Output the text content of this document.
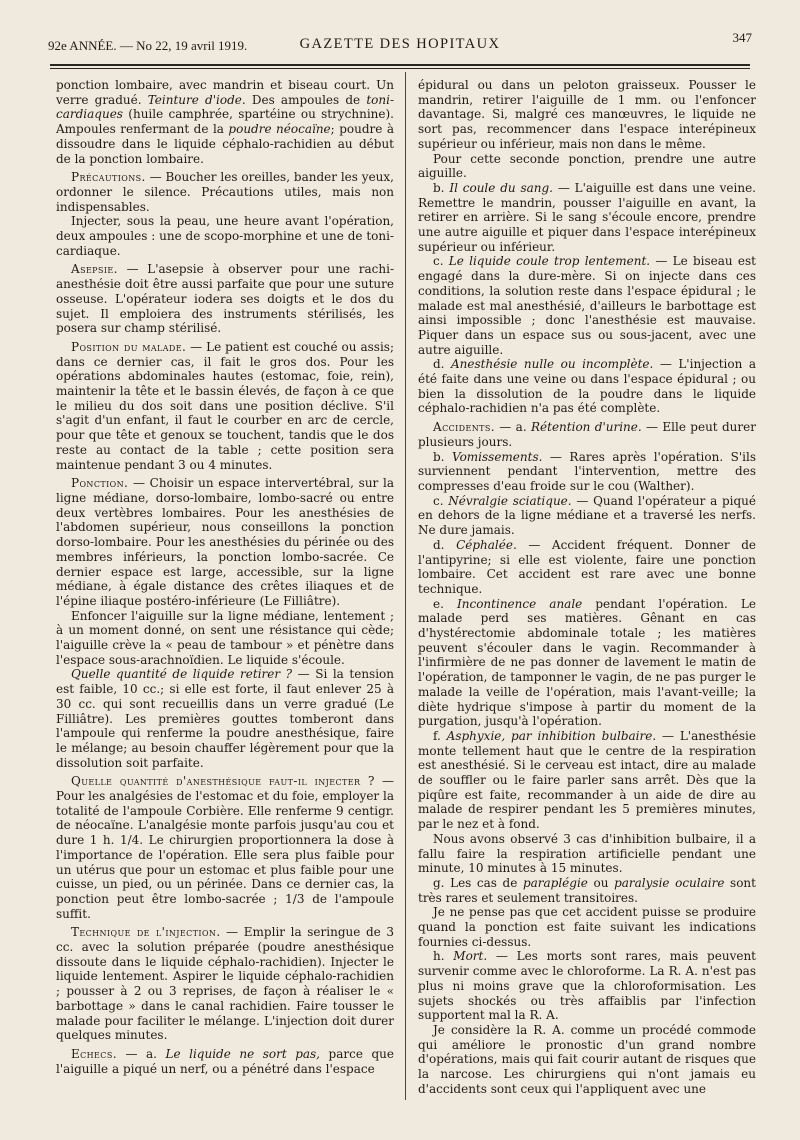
92e ANNÉE. — No 22, 19 avril 1919.	GAZETTE DES HOPITAUX	347

ponction lombaire, avec mandrin et biseau court. Un verre gradué. Teinture d'iode. Des ampoules de toni-cardiaques (huile camphrée, spartéine ou strychnine). Ampoules renfermant de la poudre néocaïne; poudre à dissoudre dans le liquide céphalo-rachidien au début de la ponction lombaire.

Précautions. — Boucher les oreilles, bander les yeux, ordonner le silence. Précautions utiles, mais non indispensables.

Injecter, sous la peau, une heure avant l'opération, deux ampoules : une de scopo-morphine et une de toni-cardiaque.

Asepsie. — L'asepsie à observer pour une rachi-anesthésie doit être aussi parfaite que pour une suture osseuse. L'opérateur iodera ses doigts et le dos du sujet. Il emploiera des instruments stérilisés, les posera sur champ stérilisé.

Position du malade. — Le patient est couché ou assis; dans ce dernier cas, il fait le gros dos. Pour les opérations abdominales hautes (estomac, foie, rein), maintenir la tête et le bassin élevés, de façon à ce que le milieu du dos soit dans une position déclive. S'il s'agit d'un enfant, il faut le courber en arc de cercle, pour que tête et genoux se touchent, tandis que le dos reste au contact de la table ; cette position sera maintenue pendant 3 ou 4 minutes.

Ponction. — Choisir un espace intervertébral, sur la ligne médiane, dorso-lombaire, lombo-sacré ou entre deux vertèbres lombaires. Pour les anesthésies de l'abdomen supérieur, nous conseillons la ponction dorso-lombaire. Pour les anesthésies du périnée ou des membres inférieurs, la ponction lombo-sacrée. Ce dernier espace est large, accessible, sur la ligne médiane, à égale distance des crêtes iliaques et de l'épine iliaque postéro-inférieure (Le Filliâtre).

Enfoncer l'aiguille sur la ligne médiane, lentement ; à un moment donné, on sent une résistance qui cède; l'aiguille crève la « peau de tambour » et pénètre dans l'espace sous-arachnoïdien. Le liquide s'écoule.

Quelle quantité de liquide retirer ? — Si la tension est faible, 10 cc.; si elle est forte, il faut enlever 25 à 30 cc. qui sont recueillis dans un verre gradué (Le Filliâtre). Les premières gouttes tomberont dans l'ampoule qui renferme la poudre anesthésique, faire le mélange; au besoin chauffer légèrement pour que la dissolution soit parfaite.

Quelle quantité d'anesthésique faut-il injecter ? — Pour les analgésies de l'estomac et du foie, employer la totalité de l'ampoule Corbière. Elle renferme 9 centigr. de néocaïne. L'analgésie monte parfois jusqu'au cou et dure 1 h. 1/4. Le chirurgien proportionnera la dose à l'importance de l'opération. Elle sera plus faible pour un utérus que pour un estomac et plus faible pour une cuisse, un pied, ou un périnée. Dans ce dernier cas, la ponction peut être lombo-sacrée ; 1/3 de l'ampoule suffit.

Technique de l'injection. — Emplir la seringue de 3 cc. avec la solution préparée (poudre anesthésique dissoute dans le liquide céphalo-rachidien). Injecter le liquide lentement. Aspirer le liquide céphalo-rachidien ; pousser à 2 ou 3 reprises, de façon à réaliser le « barbottage » dans le canal rachidien. Faire tousser le malade pour faciliter le mélange. L'injection doit durer quelques minutes.

Echecs. — a. Le liquide ne sort pas, parce que l'aiguille a piqué un nerf, ou a pénétré dans l'espace

épidural ou dans un peloton graisseux. Pousser le mandrin, retirer l'aiguille de 1 mm. ou l'enfoncer davantage. Si, malgré ces manœuvres, le liquide ne sort pas, recommencer dans l'espace interépineux supérieur ou inférieur, mais non dans le même.

Pour cette seconde ponction, prendre une autre aiguille.

b. Il coule du sang. — L'aiguille est dans une veine. Remettre le mandrin, pousser l'aiguille en avant, la retirer en arrière. Si le sang s'écoule encore, prendre une autre aiguille et piquer dans l'espace interépineux supérieur ou inférieur.

c. Le liquide coule trop lentement. — Le biseau est engagé dans la dure-mère. Si on injecte dans ces conditions, la solution reste dans l'espace épidural ; le malade est mal anesthésié, d'ailleurs le barbottage est ainsi impossible ; donc l'anesthésie est mauvaise. Piquer dans un espace sus ou sous-jacent, avec une autre aiguille.

d. Anesthésie nulle ou incomplète. — L'injection a été faite dans une veine ou dans l'espace épidural ; ou bien la dissolution de la poudre dans le liquide céphalo-rachidien n'a pas été complète.

Accidents. — a. Rétention d'urine. — Elle peut durer plusieurs jours.

b. Vomissements. — Rares après l'opération. S'ils surviennent pendant l'intervention, mettre des compresses d'eau froide sur le cou (Walther).

c. Névralgie sciatique. — Quand l'opérateur a piqué en dehors de la ligne médiane et a traversé les nerfs. Ne dure jamais.

d. Céphalée. — Accident fréquent. Donner de l'antipyrine; si elle est violente, faire une ponction lombaire. Cet accident est rare avec une bonne technique.

e. Incontinence anale pendant l'opération. Le malade perd ses matières. Gênant en cas d'hystérectomie abdominale totale ; les matières peuvent s'écouler dans le vagin. Recommander à l'infirmière de ne pas donner de lavement le matin de l'opération, de tamponner le vagin, de ne pas purger le malade la veille de l'opération, mais l'avant-veille; la diète hydrique s'impose à partir du moment de la purgation, jusqu'à l'opération.

f. Asphyxie, par inhibition bulbaire. — L'anesthésie monte tellement haut que le centre de la respiration est anesthésié. Si le cerveau est intact, dire au malade de souffler ou le faire parler sans arrêt. Dès que la piqûre est faite, recommander à un aide de dire au malade de respirer pendant les 5 premières minutes, par le nez et à fond.

Nous avons observé 3 cas d'inhibition bulbaire, il a fallu faire la respiration artificielle pendant une minute, 10 minutes à 15 minutes.

g. Les cas de paraplégie ou paralysie oculaire sont très rares et seulement transitoires.

Je ne pense pas que cet accident puisse se produire quand la ponction est faite suivant les indications fournies ci-dessus.

h. Mort. — Les morts sont rares, mais peuvent survenir comme avec le chloroforme. La R. A. n'est pas plus ni moins grave que la chloroformisation. Les sujets shockés ou très affaiblis par l'infection supportent mal la R. A.

Je considère la R. A. comme un procédé commode qui améliore le pronostic d'un grand nombre d'opérations, mais qui fait courir autant de risques que la narcose. Les chirurgiens qui n'ont jamais eu d'accidents sont ceux qui l'appliquent avec une
